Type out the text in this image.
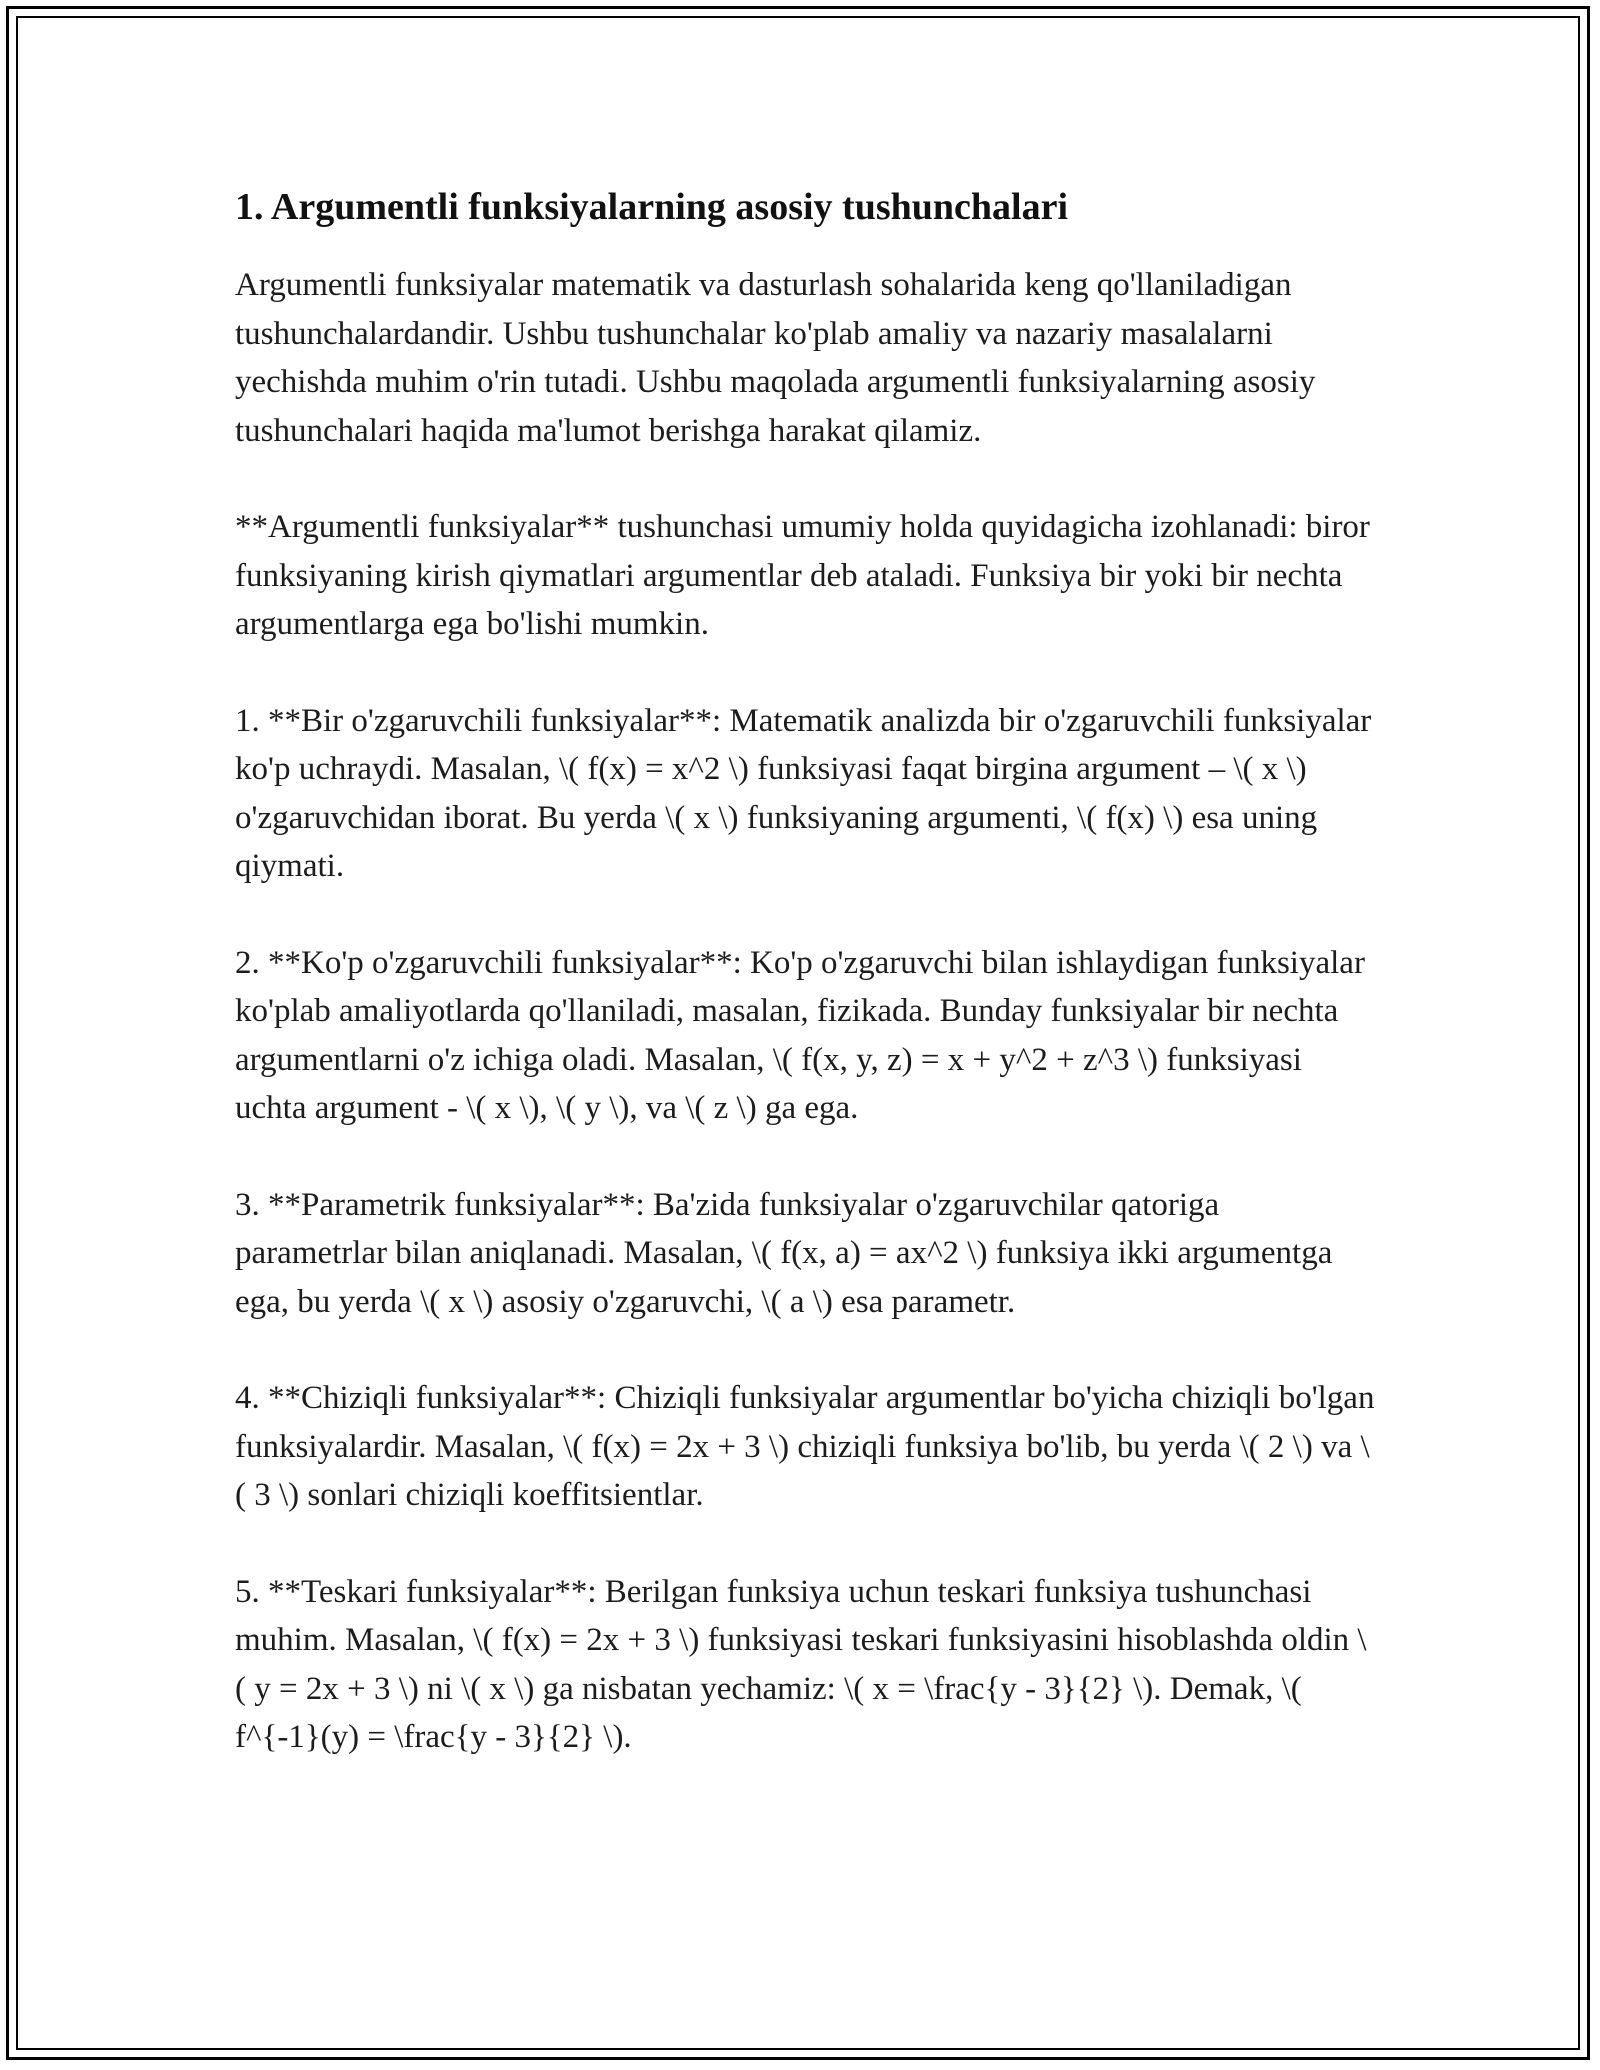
1. Argumentli funksiyalarning asosiy tushunchalari

Argumentli funksiyalar matematik va dasturlash sohalarida keng qo'llaniladigan tushunchalardandir. Ushbu tushunchalar ko'plab amaliy va nazariy masalalarni yechishda muhim o'rin tutadi. Ushbu maqolada argumentli funksiyalarning asosiy tushunchalari haqida ma'lumot berishga harakat qilamiz.

**Argumentli funksiyalar** tushunchasi umumiy holda quyidagicha izohlanadi: biror funksiyaning kirish qiymatlari argumentlar deb ataladi. Funksiya bir yoki bir nechta argumentlarga ega bo'lishi mumkin.

1. **Bir o'zgaruvchili funksiyalar**: Matematik analizda bir o'zgaruvchili funksiyalar ko'p uchraydi. Masalan, \( f(x) = x^2 \) funksiyasi faqat birgina argument – \( x \) o'zgaruvchidan iborat. Bu yerda \( x \) funksiyaning argumenti, \( f(x) \) esa uning qiymati.

2. **Ko'p o'zgaruvchili funksiyalar**: Ko'p o'zgaruvchi bilan ishlaydigan funksiyalar ko'plab amaliyotlarda qo'llaniladi, masalan, fizikada. Bunday funksiyalar bir nechta argumentlarni o'z ichiga oladi. Masalan, \( f(x, y, z) = x + y^2 + z^3 \) funksiyasi uchta argument - \( x \), \( y \), va \( z \) ga ega.

3. **Parametrik funksiyalar**: Ba'zida funksiyalar o'zgaruvchilar qatoriga parametrlar bilan aniqlanadi. Masalan, \( f(x, a) = ax^2 \) funksiya ikki argumentga ega, bu yerda \( x \) asosiy o'zgaruvchi, \( a \) esa parametr.

4. **Chiziqli funksiyalar**: Chiziqli funksiyalar argumentlar bo'yicha chiziqli bo'lgan funksiyalardir. Masalan, \( f(x) = 2x + 3 \) chiziqli funksiya bo'lib, bu yerda \( 2 \) va \( 3 \) sonlari chiziqli koeffitsientlar.

5. **Teskari funksiyalar**: Berilgan funksiya uchun teskari funksiya tushunchasi muhim. Masalan, \( f(x) = 2x + 3 \) funksiyasi teskari funksiyasini hisoblashda oldin \( y = 2x + 3 \) ni \( x \) ga nisbatan yechamiz: \( x = \frac{y - 3}{2} \). Demak, \( f^{-1}(y) = \frac{y - 3}{2} \).
